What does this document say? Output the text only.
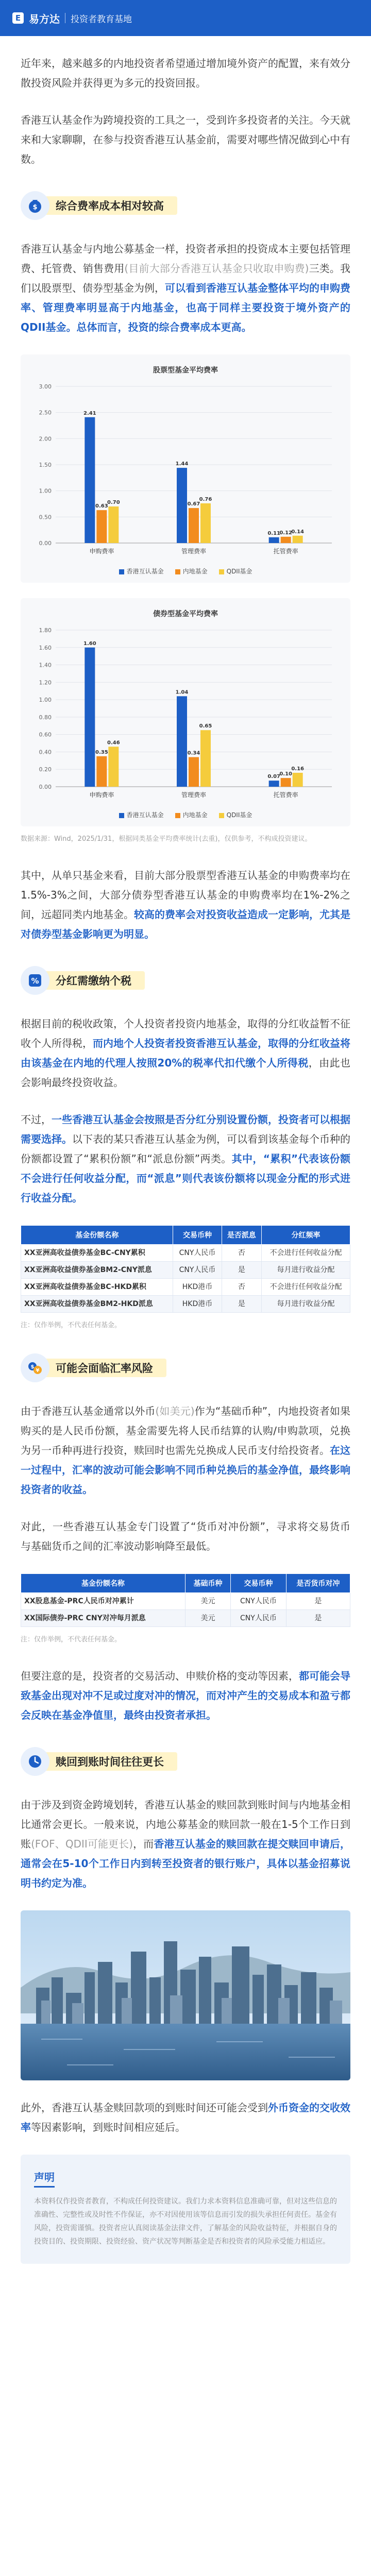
E 易方达 投资者教育基地

近年来，越来越多的内地投资者希望通过增加境外资产的配置，来有效分散投资风险并获得更为多元的投资回报。

香港互认基金作为跨境投资的工具之一，受到许多投资者的关注。今天就来和大家聊聊，在参与投资香港互认基金前，需要对哪些情况做到心中有数。

$	综合费率成本相对较高

香港互认基金与内地公募基金一样，投资者承担的投资成本主要包括管理费、托管费、销售费用(目前大部分香港互认基金只收取申购费)三类。我们以股票型、债券型基金为例，可以看到香港互认基金整体平均的申购费率、管理费率明显高于内地基金，也高于同样主要投资于境外资产的QDII基金。总体而言，投资的综合费率成本更高。

股票型基金平均费率
0.00
0.50
1.00
1.50
2.00
2.50
3.00
2.41
0.63
0.70
申购费率
1.44
0.67
0.76
管理费率
0.11
0.12
0.14
托管费率
香港互认基金	内地基金	QDII基金
债券型基金平均费率
0.00
0.20
0.40
0.60
0.80
1.00
1.20
1.40
1.60
1.80
1.60
0.35
0.46
申购费率
1.04
0.34
0.65
管理费率
0.07
0.10
0.16
托管费率
香港互认基金	内地基金	QDII基金
数据来源：Wind，2025/1/31，根据同类基金平均费率统计(去重)，仅供参考，不构成投资建议。

其中，从单只基金来看，目前大部分股票型香港互认基金的申购费率均在1.5%-3%之间，大部分债券型香港互认基金的申购费率均在1%-2%之间，远超同类内地基金。较高的费率会对投资收益造成一定影响，尤其是对债券型基金影响更为明显。

%	分红需缴纳个税

根据目前的税收政策，个人投资者投资内地基金，取得的分红收益暂不征收个人所得税，而内地个人投资者投资香港互认基金，取得的分红收益将由该基金在内地的代理人按照20%的税率代扣代缴个人所得税，由此也会影响最终投资收益。

不过，一些香港互认基金会按照是否分红分别设置份额，投资者可以根据需要选择。以下表的某只香港互认基金为例，可以看到该基金每个币种的份额都设置了“累积份额”和“派息份额”两类。其中，“累积”代表该份额不会进行任何收益分配，而“派息”则代表该份额将以现金分配的形式进行收益分配。

基金份额名称	交易币种	是否派息	分红频率
XX亚洲高收益债券基金BC-CNY累积	CNY人民币	否	不会进行任何收益分配
XX亚洲高收益债券基金BM2-CNY派息	CNY人民币	是	每月进行收益分配
XX亚洲高收益债券基金BC-HKD累积	HKD港币	否	不会进行任何收益分配
XX亚洲高收益债券基金BM2-HKD派息	HKD港币	是	每月进行收益分配
注：仅作举例，不代表任何基金。
$
¥	可能会面临汇率风险

由于香港互认基金通常以外币(如美元)作为“基础币种”，内地投资者如果购买的是人民币份额，基金需要先将人民币结算的认购/申购款项，兑换为另一币种再进行投资，赎回时也需先兑换成人民币支付给投资者。在这一过程中，汇率的波动可能会影响不同币种兑换后的基金净值，最终影响投资者的收益。

对此，一些香港互认基金专门设置了“货币对冲份额”，寻求将交易货币与基础货币之间的汇率波动影响降至最低。

基金份额名称	基础币种	交易币种	是否货币对冲
XX股息基金-PRC人民币对冲累计	美元	CNY人民币	是
XX国际债券-PRC CNY对冲每月派息	美元	CNY人民币	是
注：仅作举例，不代表任何基金。

但要注意的是，投资者的交易活动、申赎价格的变动等因素，都可能会导致基金出现对冲不足或过度对冲的情况，而对冲产生的交易成本和盈亏都会反映在基金净值里，最终由投资者承担。

赎回到账时间往往更长

由于涉及到资金跨境划转，香港互认基金的赎回款到账时间与内地基金相比通常会更长。一般来说，内地公募基金的赎回款一般在1-5个工作日到账(FOF、QDII可能更长)，而香港互认基金的赎回款在提交赎回申请后，通常会在5-10个工作日内到转至投资者的银行账户，具体以基金招募说明书约定为准。

此外，香港互认基金赎回款项的到账时间还可能会受到外币资金的交收效率等因素影响，到账时间相应延后。

声明
本资料仅作投资者教育，不构成任何投资建议。我们力求本资料信息准确可靠，但对这些信息的准确性、完整性或及时性不作保证，亦不对因使用该等信息而引发的损失承担任何责任。基金有风险，投资需谨慎。投资者应认真阅读基金法律文件，了解基金的风险收益特征，并根据自身的投资目的、投资期限、投资经验、资产状况等判断基金是否和投资者的风险承受能力相适应。
